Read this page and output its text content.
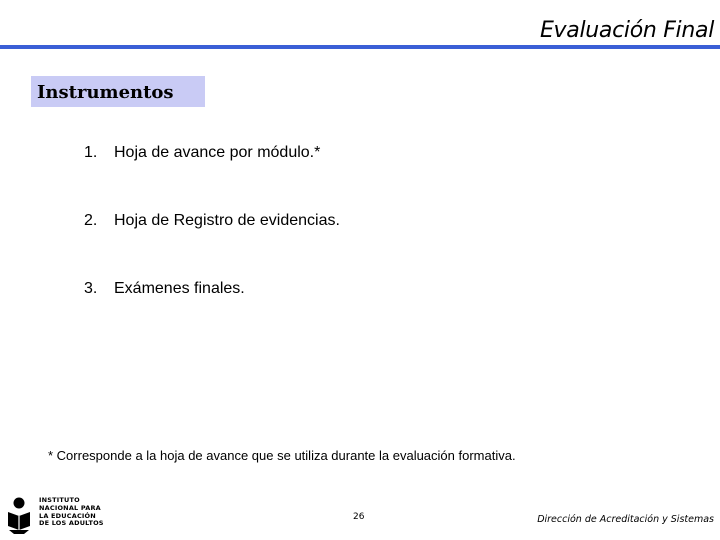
Evaluación Final
Instrumentos
1. Hoja de avance por módulo.*
2. Hoja de Registro de evidencias.
3. Exámenes finales.
* Corresponde a la hoja de avance que se utiliza durante la evaluación formativa.
INSTITUTO
NACIONAL PARA
LA EDUCACIÓN
DE LOS ADULTOS
26	Dirección de Acreditación y Sistemas
